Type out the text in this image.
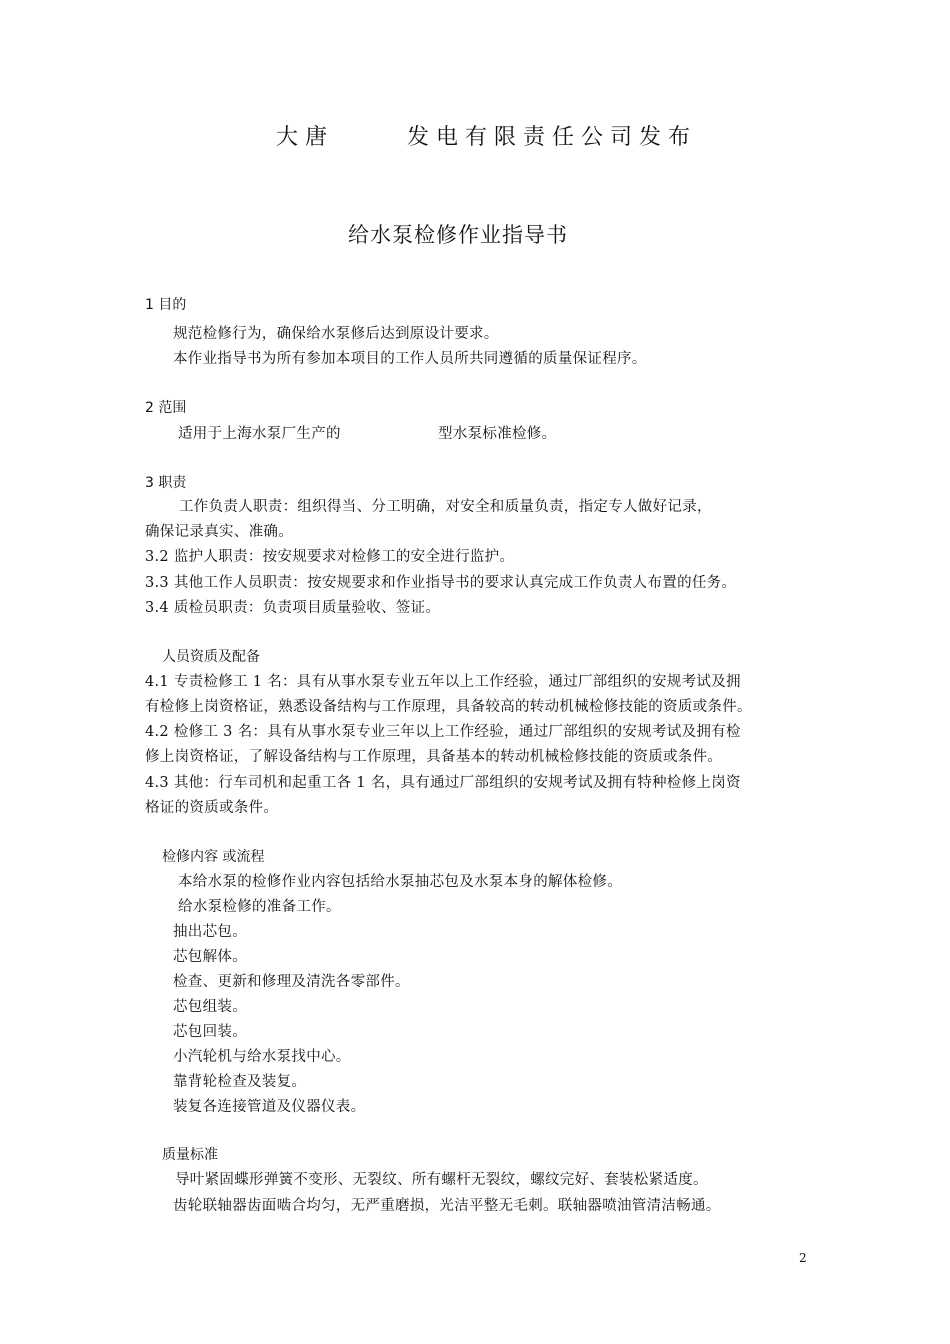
大唐	发电有限责任公司发布
给水泵检修作业指导书
1 目的
规范检修行为，确保给水泵修后达到原设计要求。
本作业指导书为所有参加本项目的工作人员所共同遵循的质量保证程序。
2 范围
适用于上海水泵厂生产的	型水泵标准检修。
3 职责
工作负责人职责：组织得当、分工明确，对安全和质量负责，指定专人做好记录，
确保记录真实、准确。
3.2 监护人职责：按安规要求对检修工的安全进行监护。
3.3 其他工作人员职责：按安规要求和作业指导书的要求认真完成工作负责人布置的任务。
3.4 质检员职责：负责项目质量验收、签证。
人员资质及配备
4.1 专责检修工 1 名：具有从事水泵专业五年以上工作经验，通过厂部组织的安规考试及拥
有检修上岗资格证，熟悉设备结构与工作原理，具备较高的转动机械检修技能的资质或条件。
4.2 检修工 3 名：具有从事水泵专业三年以上工作经验，通过厂部组织的安规考试及拥有检
修上岗资格证，了解设备结构与工作原理，具备基本的转动机械检修技能的资质或条件。
4.3 其他：行车司机和起重工各 1 名，具有通过厂部组织的安规考试及拥有特种检修上岗资
格证的资质或条件。
检修内容 或流程
本给水泵的检修作业内容包括给水泵抽芯包及水泵本身的解体检修。
给水泵检修的准备工作。
抽出芯包。
芯包解体。
检查、更新和修理及清洗各零部件。
芯包组装。
芯包回装。
小汽轮机与给水泵找中心。
靠背轮检查及装复。
装复各连接管道及仪器仪表。
质量标准
导叶紧固蝶形弹簧不变形、无裂纹、所有螺杆无裂纹，螺纹完好、套装松紧适度。
齿轮联轴器齿面啮合均匀，无严重磨损，光洁平整无毛刺。联轴器喷油管清洁畅通。
2
